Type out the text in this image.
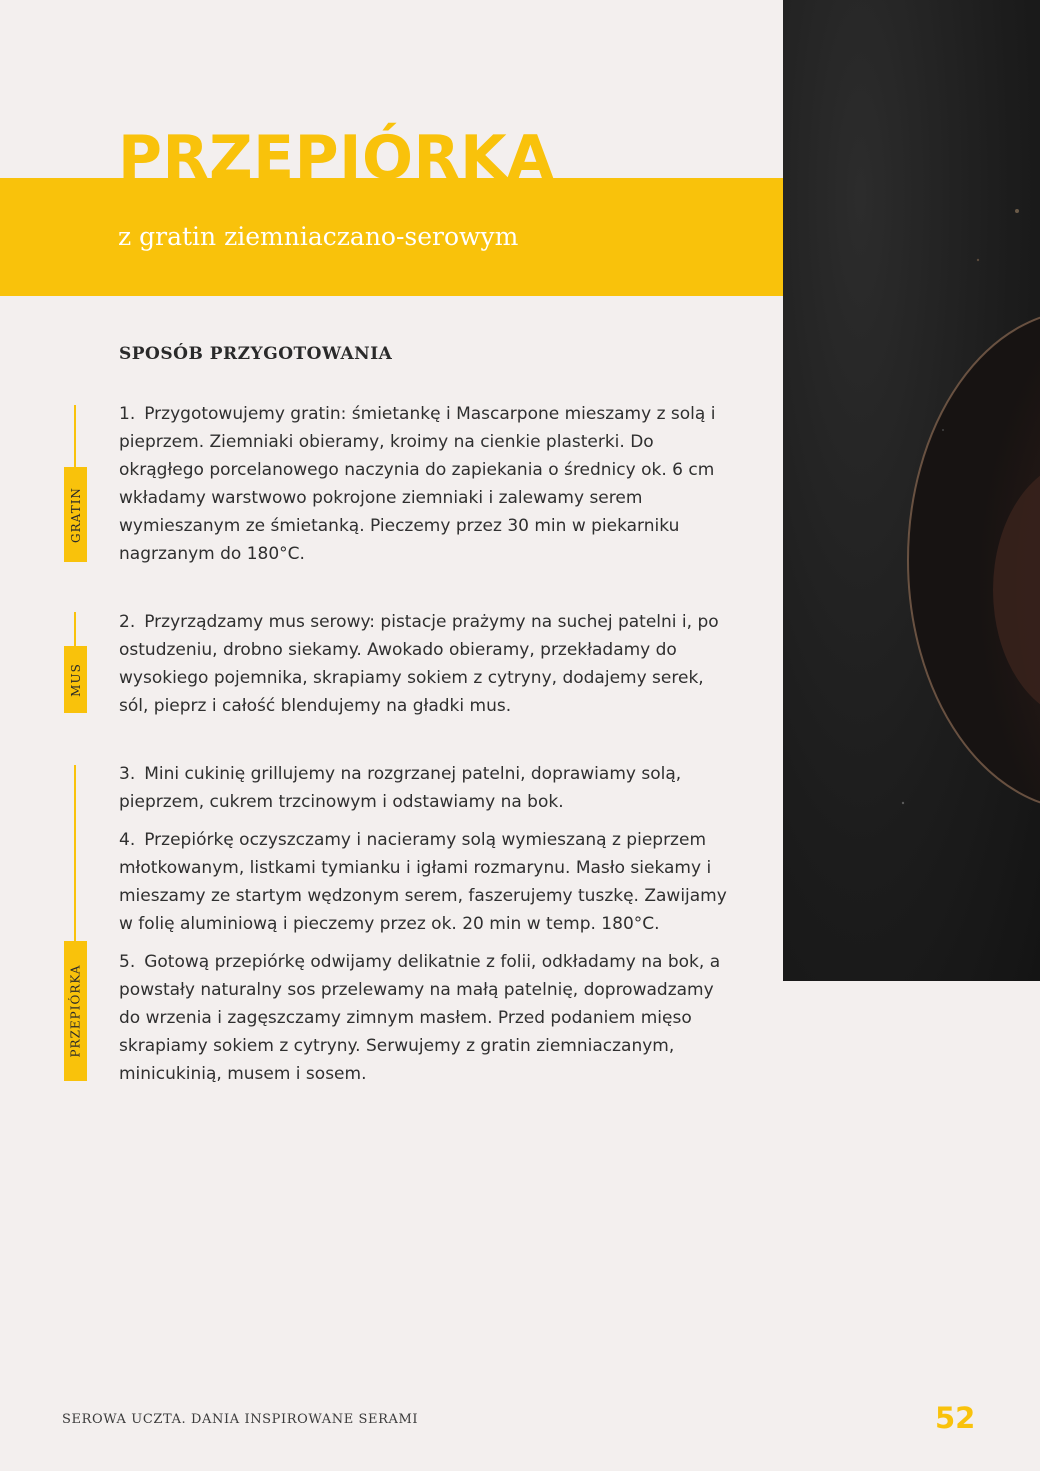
PRZEPIÓRKA

z gratin ziemniaczano-serowym

SPOSÓB PRZYGOTOWANIA
GRATIN
MUS
PRZEPIÓRKA

1. Przygotowujemy gratin: śmietankę i Mascarpone mieszamy z solą i pieprzem. Ziemniaki obieramy, kroimy na cienkie plasterki. Do okrągłego porcelanowego naczynia do zapiekania o średnicy ok. 6 cm wkładamy warstwowo pokrojone ziemniaki i zalewamy serem wymieszanym ze śmietanką. Pieczemy przez 30 min w piekarniku nagrzanym do 180°C.

2. Przyrządzamy mus serowy: pistacje prażymy na suchej patelni i, po ostudzeniu, drobno siekamy. Awokado obieramy, przekładamy do wysokiego pojemnika, skrapiamy sokiem z cytryny, dodajemy serek, sól, pieprz i całość blendujemy na gładki mus.

3. Mini cukinię grillujemy na rozgrzanej patelni, doprawiamy solą, pieprzem, cukrem trzcinowym i odstawiamy na bok.

4. Przepiórkę oczyszczamy i nacieramy solą wymieszaną z pieprzem młotkowanym, listkami tymianku i igłami rozmarynu. Masło siekamy i mieszamy ze startym wędzonym serem, faszerujemy tuszkę. Zawijamy w folię aluminiową i pieczemy przez ok. 20 min w temp. 180°C.

5. Gotową przepiórkę odwijamy delikatnie z folii, odkładamy na bok, a powstały naturalny sos przelewamy na małą patelnię, doprowadzamy do wrzenia i zagęszczamy zimnym masłem. Przed podaniem mięso skrapiamy sokiem z cytryny. Serwujemy z gratin ziemniaczanym, minicukinią, musem i sosem.

SEROWA UCZTA. DANIA INSPIROWANE SERAMI	52
